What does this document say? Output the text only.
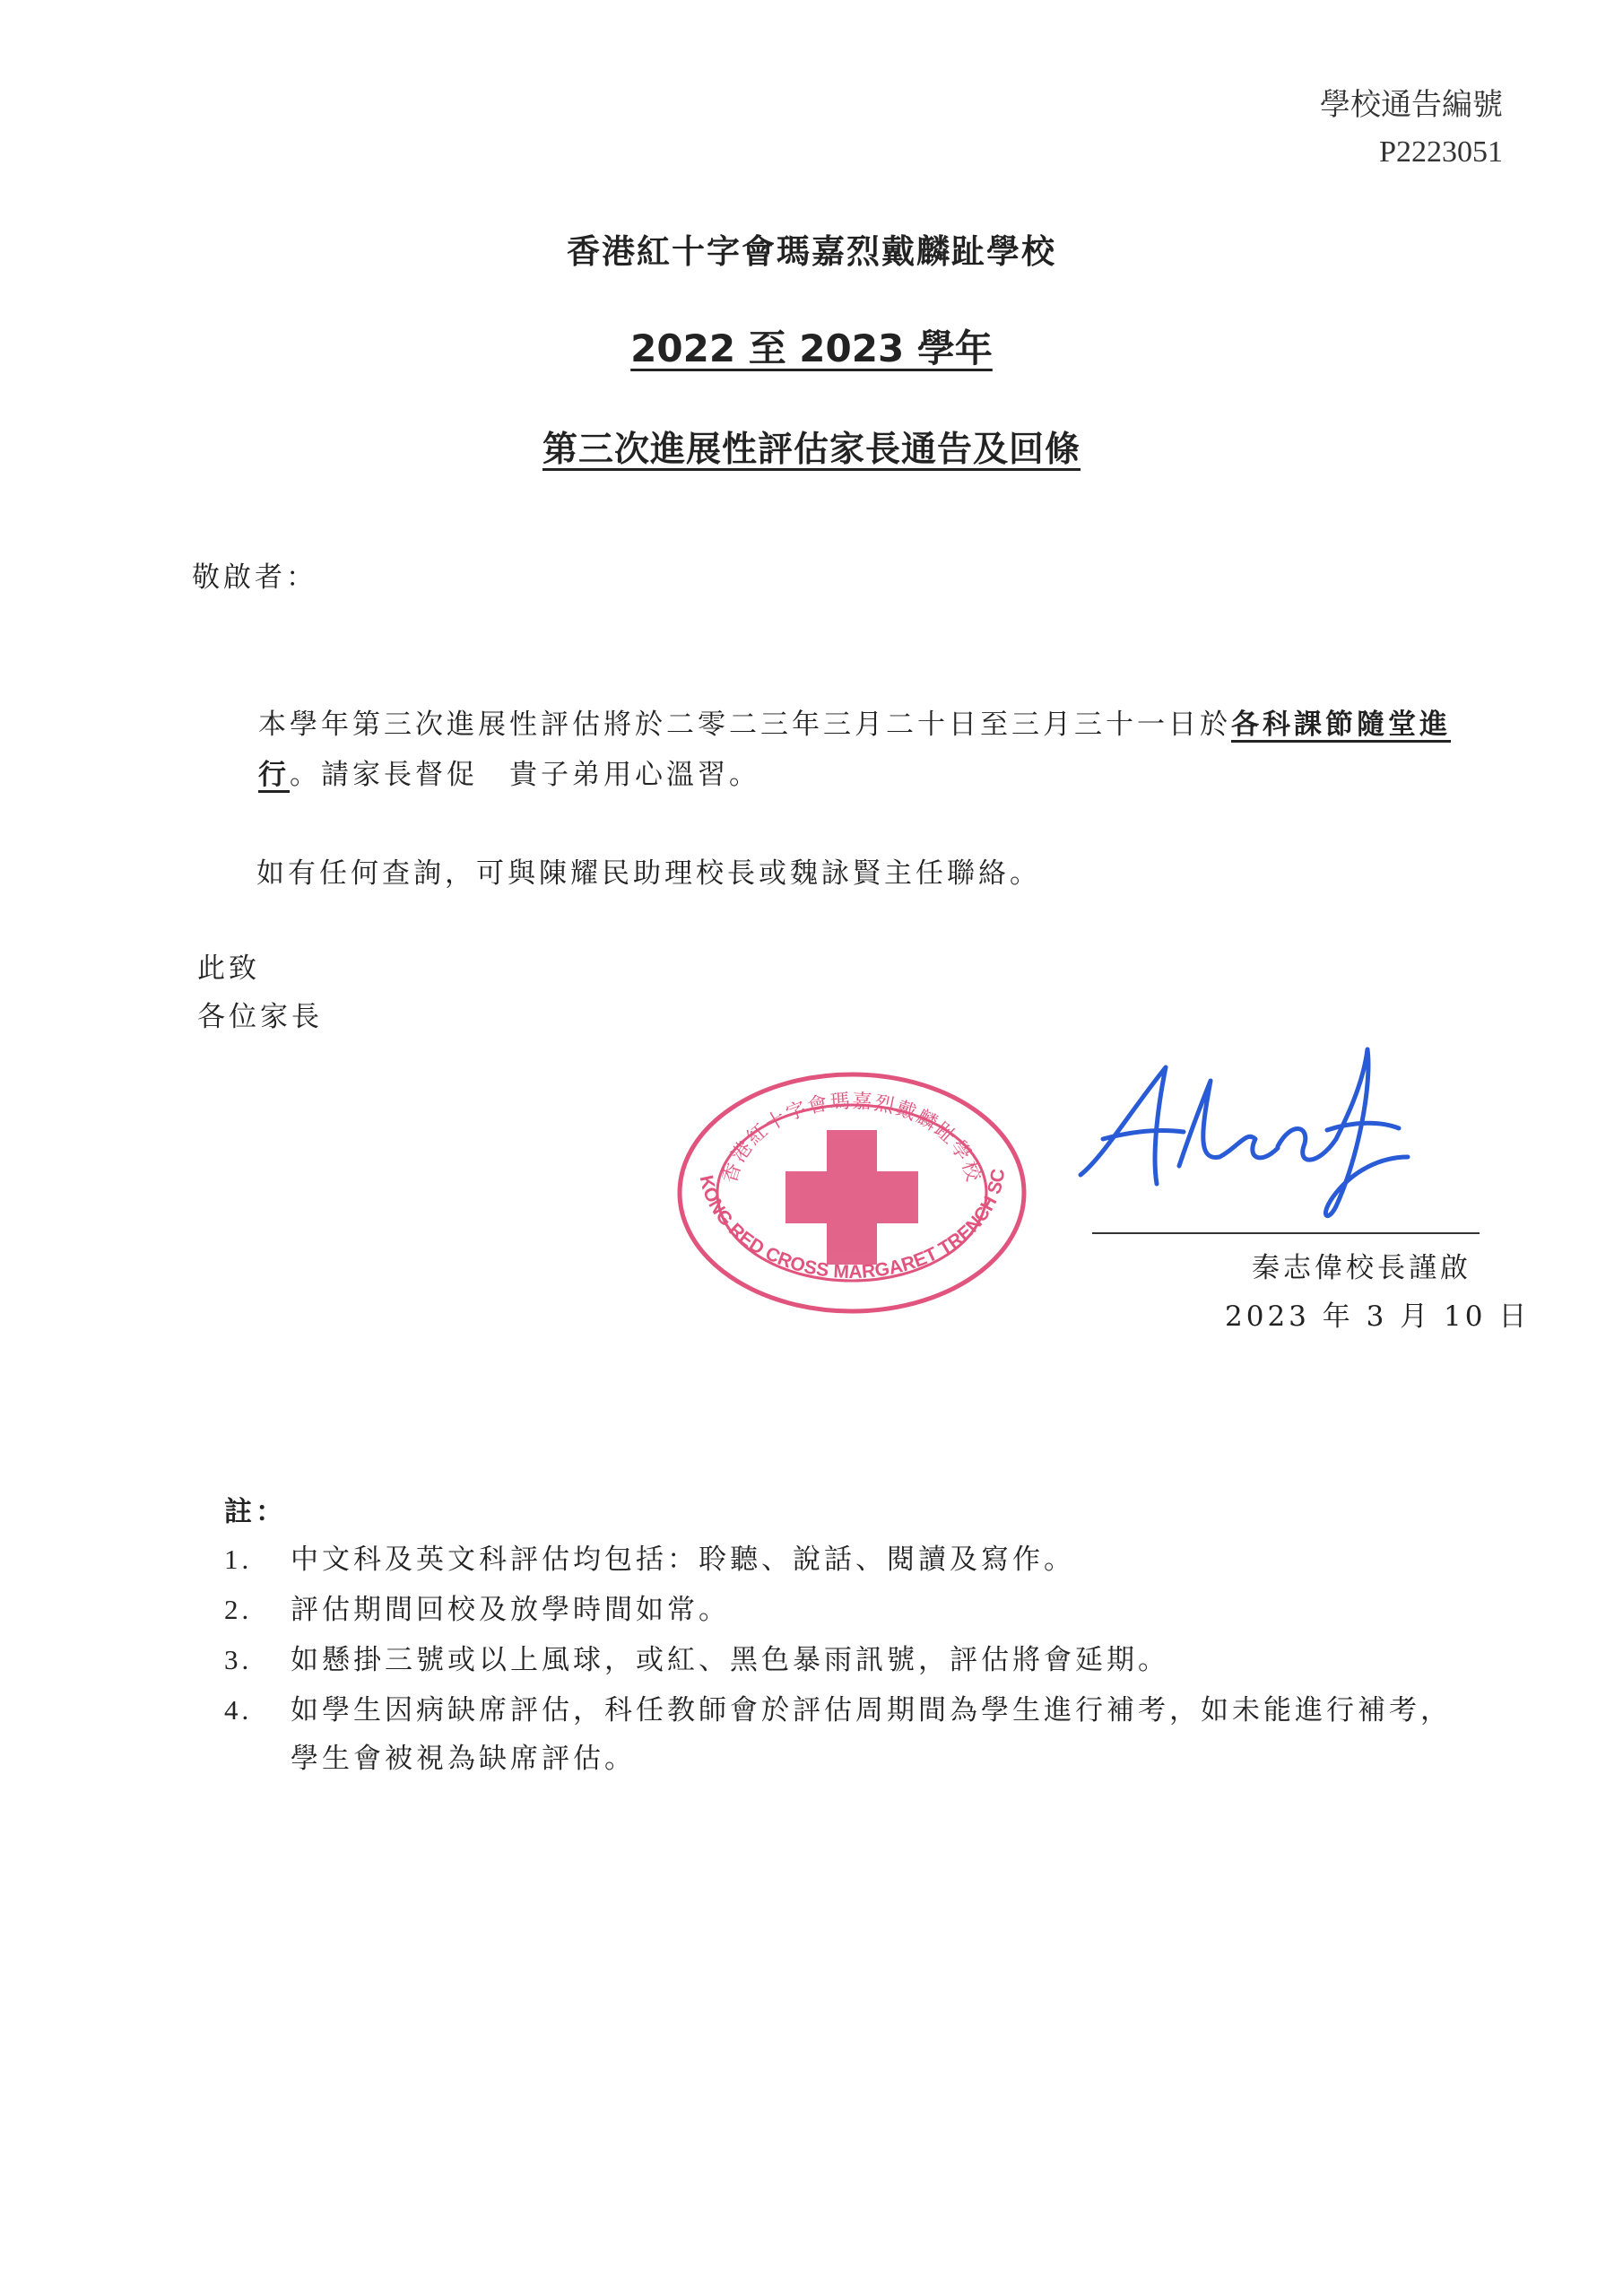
學校通告編號
P2223051
香港紅十字會瑪嘉烈戴麟趾學校
2022 至 2023 學年
第三次進展性評估家長通告及回條
敬啟者：
本學年第三次進展性評估將於二零二三年三月二十日至三月三十一日於各科課節隨堂進行。請家長督促　貴子弟用心溫習。
如有任何查詢，可與陳耀民助理校長或魏詠賢主任聯絡。
此致
各位家長
香港紅十字會瑪嘉烈戴麟趾學校
KONG RED CROSS MARGARET TRENCH SC
秦志偉校長謹啟
2023 年 3 月 10 日
註：
1.	中文科及英文科評估均包括：聆聽、說話、閱讀及寫作。
2.	評估期間回校及放學時間如常。
3.	如懸掛三號或以上風球，或紅、黑色暴雨訊號，評估將會延期。
4.	如學生因病缺席評估，科任教師會於評估周期間為學生進行補考，如未能進行補考，學生會被視為缺席評估。
